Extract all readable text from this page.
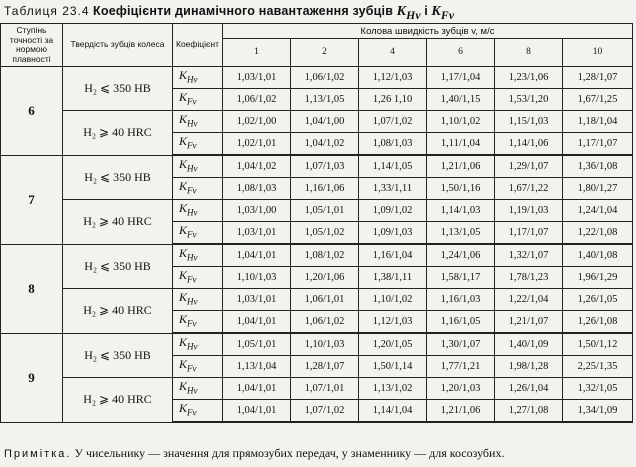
Таблиця 23.4 Коефіцієнти динамічного навантаження зубців $K_{Hv}$ і $K_{Fv}$
Ступінь точності за нормою плавності	Твердість зубців колеса	Коефіцієнт	Колова швидкість зубців v, м/с					
			1	2	4	6	8	10
6	H₂ ⩽ 350 HB	$K_{Hv}$	1,03/1,01	1,06/1,02	1,12/1,03	1,17/1,04	1,23/1,06	1,28/1,07
		$K_{Fv}$	1,06/1,02	1,13/1,05	1,26 1,10	1,40/1,15	1,53/1,20	1,67/1,25
	H₂ ⩾ 40 HRC	$K_{Hv}$	1,02/1,00	1,04/1,00	1,07/1,02	1,10/1,02	1,15/1,03	1,18/1,04
		$K_{Fv}$	1,02/1,01	1,04/1,02	1,08/1,03	1,11/1,04	1,14/1,06	1,17/1,07
7	H₂ ⩽ 350 HB	$K_{Hv}$	1,04/1,02	1,07/1,03	1,14/1,05	1,21/1,06	1,29/1,07	1,36/1,08
		$K_{Fv}$	1,08/1,03	1,16/1,06	1,33/1,11	1,50/1,16	1,67/1,22	1,80/1,27
	H₂ ⩾ 40 HRC	$K_{Hv}$	1,03/1,00	1,05/1,01	1,09/1,02	1,14/1,03	1,19/1,03	1,24/1,04
		$K_{Fv}$	1,03/1,01	1,05/1,02	1,09/1,03	1,13/1,05	1,17/1,07	1,22/1,08
8	H₂ ⩽ 350 HB	$K_{Hv}$	1,04/1,01	1,08/1,02	1,16/1,04	1,24/1,06	1,32/1,07	1,40/1,08
		$K_{Fv}$	1,10/1,03	1,20/1,06	1,38/1,11	1,58/1,17	1,78/1,23	1,96/1,29
	H₂ ⩾ 40 HRC	$K_{Hv}$	1,03/1,01	1,06/1,01	1,10/1,02	1,16/1,03	1,22/1,04	1,26/1,05
		$K_{Fv}$	1,04/1,01	1,06/1,02	1,12/1,03	1,16/1,05	1,21/1,07	1,26/1,08
9	H₂ ⩽ 350 HB	$K_{Hv}$	1,05/1,01	1,10/1,03	1,20/1,05	1,30/1,07	1,40/1,09	1,50/1,12
		$K_{Fv}$	1,13/1,04	1,28/1,07	1,50/1,14	1,77/1,21	1,98/1,28	2,25/1,35
	H₂ ⩾ 40 HRC	$K_{Hv}$	1,04/1,01	1,07/1,01	1,13/1,02	1,20/1,03	1,26/1,04	1,32/1,05
		$K_{Fv}$	1,04/1,01	1,07/1,02	1,14/1,04	1,21/1,06	1,27/1,08	1,34/1,09
Примітка. У чисельнику — значення для прямозубих передач, у знаменнику — для косозубих.
